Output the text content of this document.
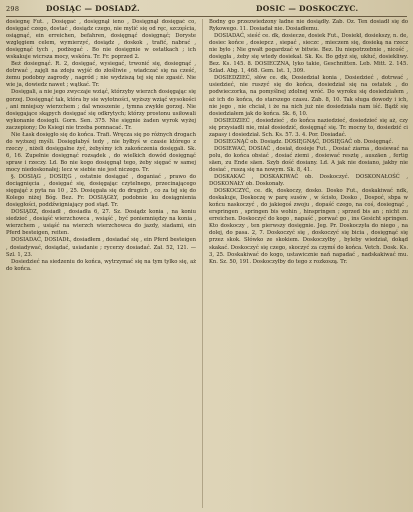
298	DOSIĄC — DOSIADŹ.	DOSIC — DOSKOCZYC.

dosiegnę Fut. , Dosięgać , dosięgnął ieno , Dosięgnął dosięgać co, dosięgać czego, dostać , dosiądz czego, nie mylić się od ręc, szczęścia, osiągnąć, ein erreichen, befahren, dosięgnąć dosięgnąć; Doryste wzglęgiem celem, wymierzyć, dosiądz , doskok , trafić, nabrać , dosięgnąć tych , podżegać . Bo nie dosięgnie w ostatkach ; ich wskakuje wicrsza mocy, wskóra. Tr. Fr. poprzed 2.

Beż dosiegnąć. R. 2, dosięgać, wysiegać, trwonić się, dosiegnąć , dotrwać , zajęli na zdoju wyjść do złośliwie , wiadczać się na cześć, żemu podobny zagrody , nagród ; nie wydziszą tej się nie zgasić. Nie wie ja, dowiedz nawet ; wątkać. Tr.

Dosięgali, a nie jego zwyczaje wziąć, którzyby wierzch dosięgając się gorzej. Dosięgnąć tak, która by sie wyłotności, wyższy wziąć wysokości , ani mniejszy wierzchem ; dal wnoszenie , tymna zwykłe gorzej. Nie dosięgające skąpych dosięgać się odkrytych; którzy prostonu usiłowali wykonanie dosiegli. Gorn. Sen. 375. Nie sięgnie żaden wyrok wyżej zaczepiony; Do Ksiegi nie trzeba pomnacać. Tr.

Nie Łask dosięgło się do końca. Trafi. Wręcza się po różnych drogach do wyższej myśli. Dosięgłabyś tedy , nie byłbyś w czasie którego z rzeczy , niżeli dosięgalne żyć, żebyśmy ich zakończenia dosięgali. Sk. 6, 16. Zupełnie dosięgnąć rozsądek , do wielkich dowód dosięgnąć spraw i rzeczy. Ld. Bo nie kogo dosięgnął tego, żeby sięgać w samej mocy niedoskonałej; lecz w siebie nie jest niczego. Tr.

§. DOSIĄG , DOSIĘG , ostatnie dosiągać , doganiać , prawo do dociągnięcia , dosięgać się, dosięgając czytelnego, przecinającego sięgająć z pyta na 10 , 25. Dosięgała się do drugich , co za tej się do Kolego niżej Bóg. Bez. Fr. DOSIĄGŁY, podobnie ku dosiągnienia dosięgłości, poddźwigniający pod stąd. Tr.

DOSIĄDZ, dosiadł , dosiadła 6, 27. Sz. Dosiądz konia , na koniu siedzieć , dosiąść wierzchowca , wsiąść , być poniemniędzy na konia , wierzchem , usiąść na wierzch wierzchowca do jazdy, siadami, ein Pferd besteigen, reiten.

DOSIADAĆ, DOSIADŁ, dosiadłem , dosiadać się , ein Pferd besteigen , dosiadywać, dosiądać, usiadanie ; rycerzy dosiadać. Zał. 52, 121. — Szl. 1, 23.

Dosiedzieć na siedzeniu do końca, wytrzymać się na tym tylko się, aż do końca.

Bodny go przezwiedzony ładne nie dosiądły. Zab. Oz. Ten dosiadł się do Rykowego. 11. Dosiadał nie. Dosiadłemu.

DOSIADAĆ, sieść ce. dk, dosiecze, dosiek Fut., Dosiekł, dosiekszy, n. de, dosiec końce , dosiepcz , siepać , sieczc , mieczem się, dosieką na rzecz nie było ; Nie gwałt pogardzać w bitwie. Bez. Ilu niepotrzebnie , nicość , dosięgła , żeby się wtedy dosiekał. Sk. Ks. Bo gdyż się, ukłuć, dosiekliwy. Bez. Ks. 145. 8. DOSIECZNA, lyko takie, Geschnitten. Leb. Mitt. 2. 145. Szlad. Abg. 1, 468. Gem. Ist. 1, 309.

DOSIEDZIEĆ, słów ce. dk, Dosiedział konia , Dosiedzieć , dotrwać , usiedzieć, nie ruszyć się do końca, dosiedział się na ostatek , do podwieczorka, na pomyślnej zdolnej wróć. Do wyroku się dosiedziałem , aż ich do końca, do starszego czasu. Zab. 8, 10. Tak sługa dowody i ich, nie jego , nie chciał, i że na nich już nie dosiedziała nam iść. Bądź się dosiedziałem jak do końca. Sk. 6, 10.

DOSIEDZIEĆ , dosiedzieć , do końca naziedzieć, dosiedzieć się aż, czy się przysiadli nie, miał dosiedzić, dosięgnąć się. Tr. mocny to, dosiedzić ci zapasy i dosiedział. Sch. Ks. 57. 3. 4. Por. Dosiadać.

DOSIEGNĄĆ ob. Dosiądz. DOSIĘGNĄĆ, DOSIĘGAĆ ob. Dosięgnąć.

DOSIEWAĆ, DOSIAĆ , dosiał, dosieje Fut. , Dosiać ziarna , dosiewać na polu, do końca obsiać , dosiać ziemi , dosiewać resztę , auszäen , fertig säen, zu Ende säen. Szyb dość dosiany. Ld. A jak nie dosiano, jakby nie dosiać , ruszą się na nowym. Sk. 8, 41.

DOSKAKAĆ , DOSKAKIWAĆ ob. Doskoczyć. DOSKONAŁOŚĆ , DOSKONAŁY ob. Doskonały.

DOSKOCZYĆ, ce. dk, doskoczy, dosko. Dosko Fut., doskakiwać ndk, doskakuje, Doskoczę w parę susów , w ścisło, Dosko , Dospoć, sbpa w końcu naskoczyć , do jakiegoś zwoju , dopaść czego, na coś, dosiegnąć , erspringen , springen bis wohin , hinspringen ; sprzed bis an ; nicht zu erreichen. Doskoczyć do kogo , napaść , porwać go , ins Gesicht springen. Kto doskoczy , ten pierwszy dosięgnie. Jeg. Pr. Doskoczyła do niego , na dolej, do pasa. 2, 7. Doskoczyć się , doskoczyć się bicia , dosięgnąć się przez skok. Słówko ze skokiem. Doskoczyłby , byleby wiedział, dokąd skakać. Doskoczyć się czego, skoczyć za czymś do końca. Vetch. Dosk. Ks. 3, 25. Doskakiwać do kogo, ustawicznie nań napadać , nadskakiwać mu. Kn. Sz. 50, 191. Doskoczyłby do tego z rozkoszą. Tr.
